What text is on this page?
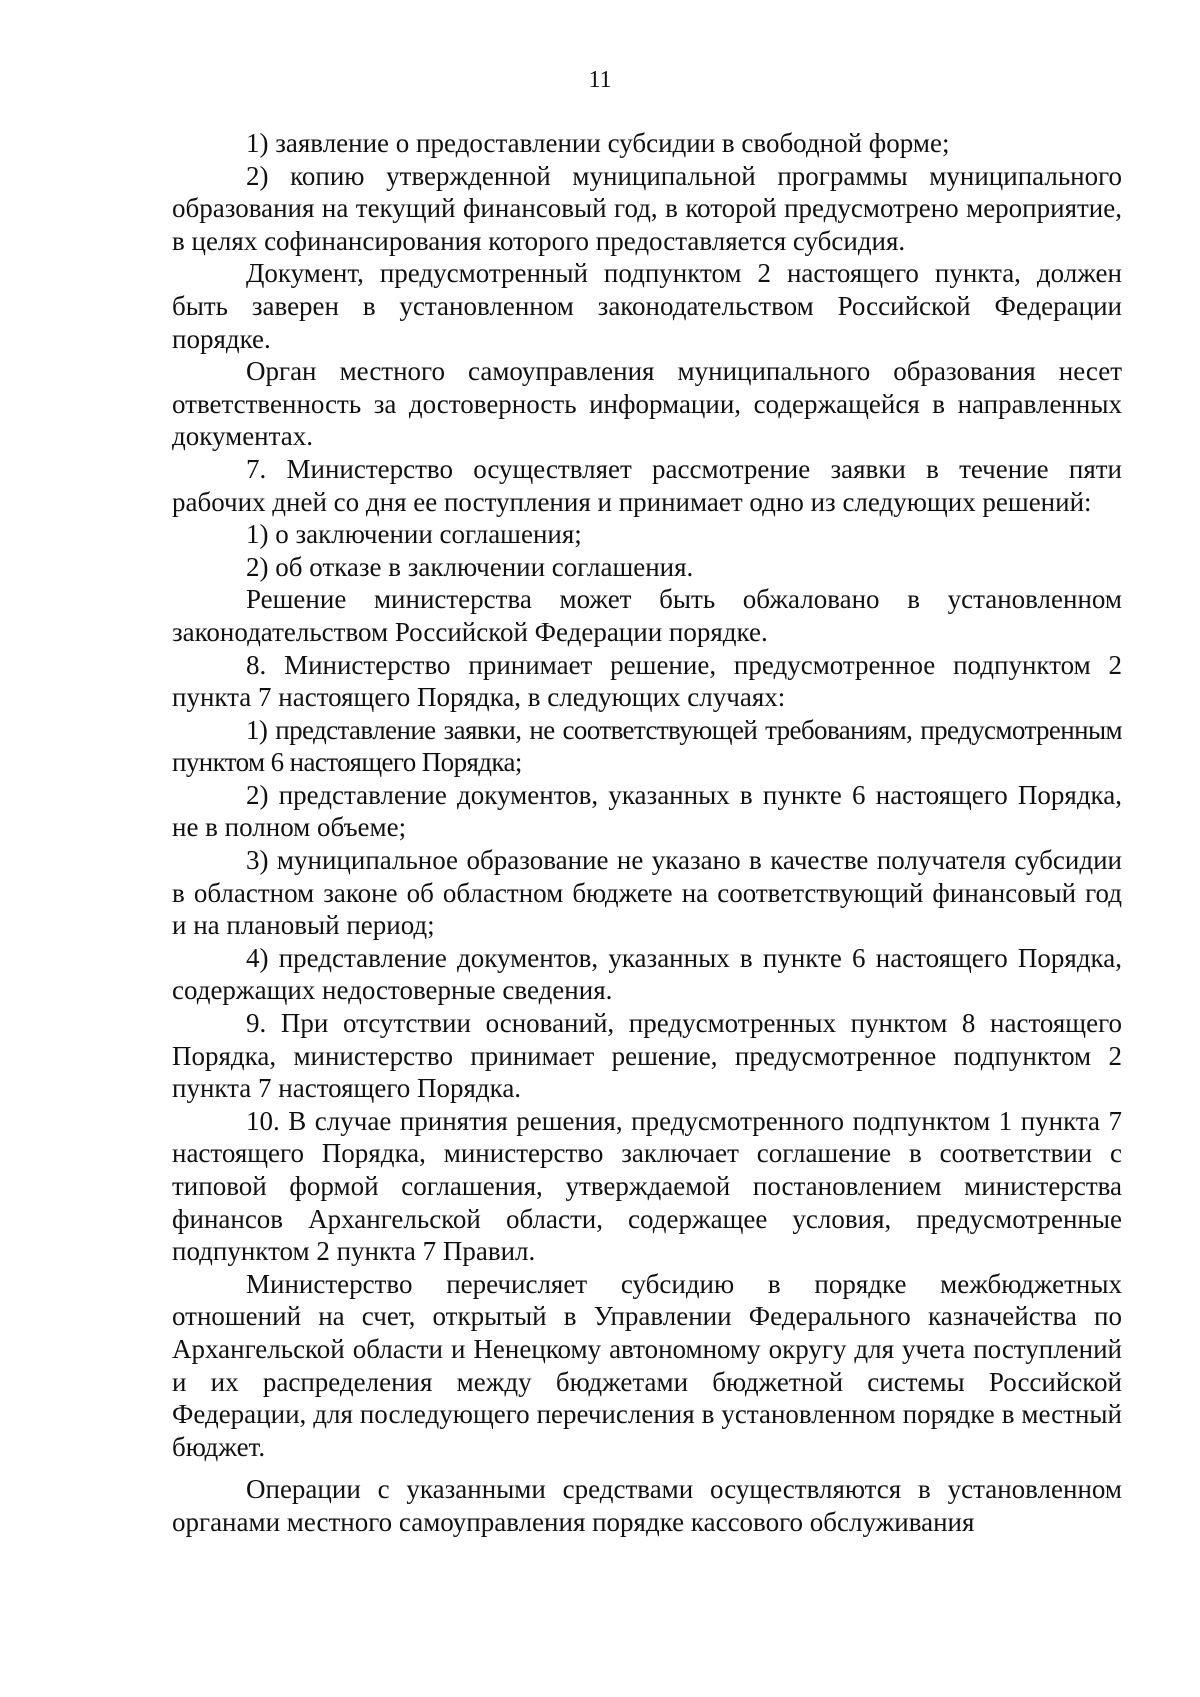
11

1) заявление о предоставлении субсидии в свободной форме;

2) копию утвержденной муниципальной программы муниципального образования на текущий финансовый год, в которой предусмотрено мероприятие, в целях софинансирования которого предоставляется субсидия.

Документ, предусмотренный подпунктом 2 настоящего пункта, должен быть заверен в установленном законодательством Российской Федерации порядке.

Орган местного самоуправления муниципального образования несет ответственность за достоверность информации, содержащейся в направленных документах.

7. Министерство осуществляет рассмотрение заявки в течение пяти рабочих дней со дня ее поступления и принимает одно из следующих решений:

1) о заключении соглашения;

2) об отказе в заключении соглашения.

Решение министерства может быть обжаловано в установленном законодательством Российской Федерации порядке.

8. Министерство принимает решение, предусмотренное подпунктом 2 пункта 7 настоящего Порядка, в следующих случаях:

1) представление заявки, не соответствующей требованиям, предусмотренным пунктом 6 настоящего Порядка;

2) представление документов, указанных в пункте 6 настоящего Порядка, не в полном объеме;

3) муниципальное образование не указано в качестве получателя субсидии в областном законе об областном бюджете на соответствующий финансовый год и на плановый период;

4) представление документов, указанных в пункте 6 настоящего Порядка, содержащих недостоверные сведения.

9. При отсутствии оснований, предусмотренных пунктом 8 настоящего Порядка, министерство принимает решение, предусмотренное подпунктом 2 пункта 7 настоящего Порядка.

10. В случае принятия решения, предусмотренного подпунктом 1 пункта 7 настоящего Порядка, министерство заключает соглашение в соответствии с типовой формой соглашения, утверждаемой постановлением министерства финансов Архангельской области, содержащее условия, предусмотренные подпунктом 2 пункта 7 Правил.

Министерство перечисляет субсидию в порядке межбюджетных отношений на счет, открытый в Управлении Федерального казначейства по Архангельской области и Ненецкому автономному округу для учета поступлений и их распределения между бюджетами бюджетной системы Российской Федерации, для последующего перечисления в установленном порядке в местный бюджет.

Операции с указанными средствами осуществляются в установленном органами местного самоуправления порядке кассового обслуживания
